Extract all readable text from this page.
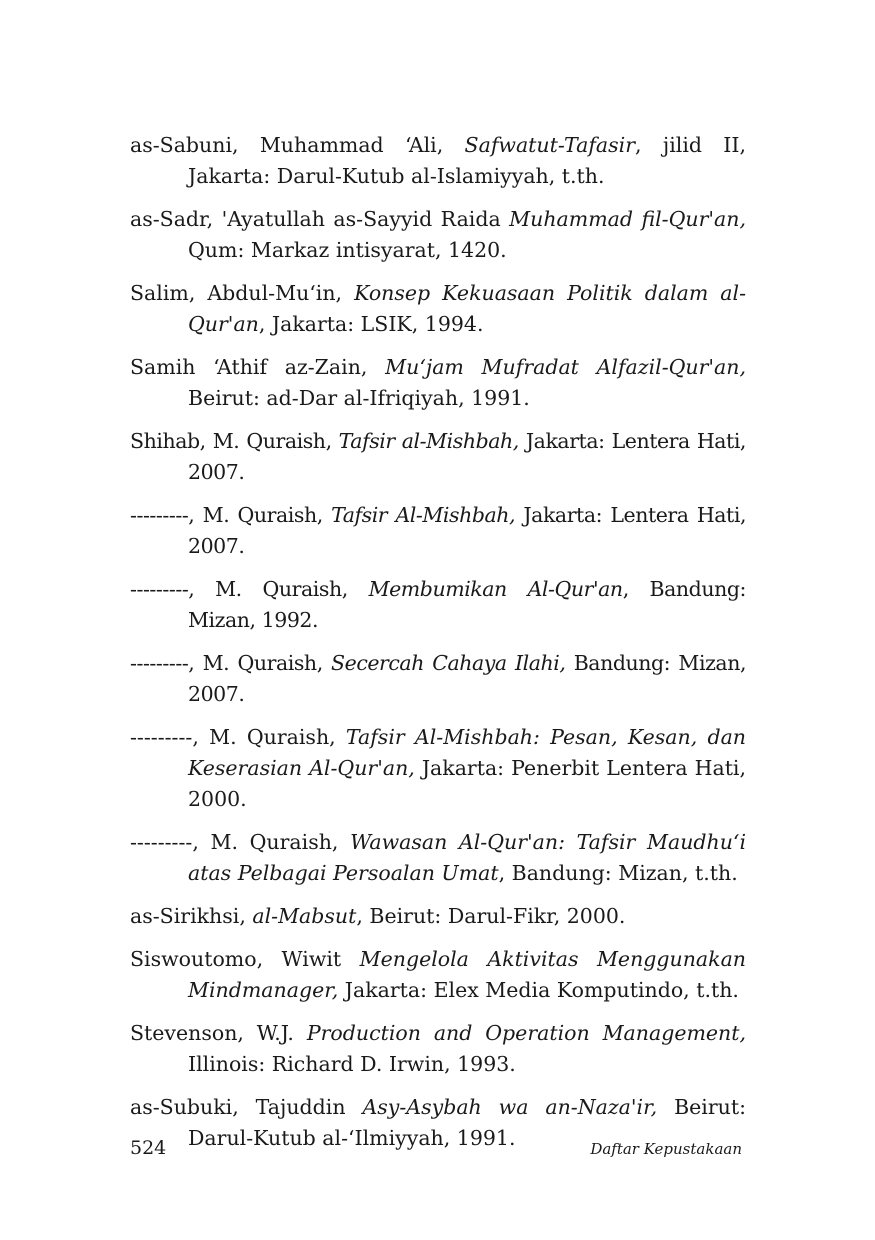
as-Sabuni, Muhammad ‘Ali, Safwatut-Tafasir, jilid II, Jakarta: Darul-Kutub al-Islamiyyah, t.th.

as-Sadr, 'Ayatullah as-Sayyid Raida Muhammad fil-Qur'an, Qum: Markaz intisyarat, 1420.

Salim, Abdul-Mu‘in, Konsep Kekuasaan Politik dalam al-Qur'an, Jakarta: LSIK, 1994.

Samih ‘Athif az-Zain, Mu‘jam Mufradat Alfazil-Qur'an, Beirut: ad-Dar al-Ifriqiyah, 1991.

Shihab, M. Quraish, Tafsir al-Mishbah, Jakarta: Lentera Hati, 2007.

---------, M. Quraish, Tafsir Al-Mishbah, Jakarta: Lentera Hati, 2007.

---------, M. Quraish, Membumikan Al-Qur'an, Bandung: Mizan, 1992.

---------, M. Quraish, Secercah Cahaya Ilahi, Bandung: Mizan, 2007.

---------, M. Quraish, Tafsir Al-Mishbah: Pesan, Kesan, dan Keserasian Al-Qur'an, Jakarta: Penerbit Lentera Hati, 2000.

---------, M. Quraish, Wawasan Al-Qur'an: Tafsir Maudhu‘i atas Pelbagai Persoalan Umat, Bandung: Mizan, t.th.

as-Sirikhsi, al-Mabsut, Beirut: Darul-Fikr, 2000.

Siswoutomo, Wiwit Mengelola Aktivitas Menggunakan Mindmanager, Jakarta: Elex Media Komputindo, t.th.

Stevenson, W.J. Production and Operation Management, Illinois: Richard D. Irwin, 1993.

as-Subuki, Tajuddin Asy-Asybah wa an-Naza'ir, Beirut: Darul-Kutub al-‘Ilmiyyah, 1991.

524	Daftar Kepustakaan
